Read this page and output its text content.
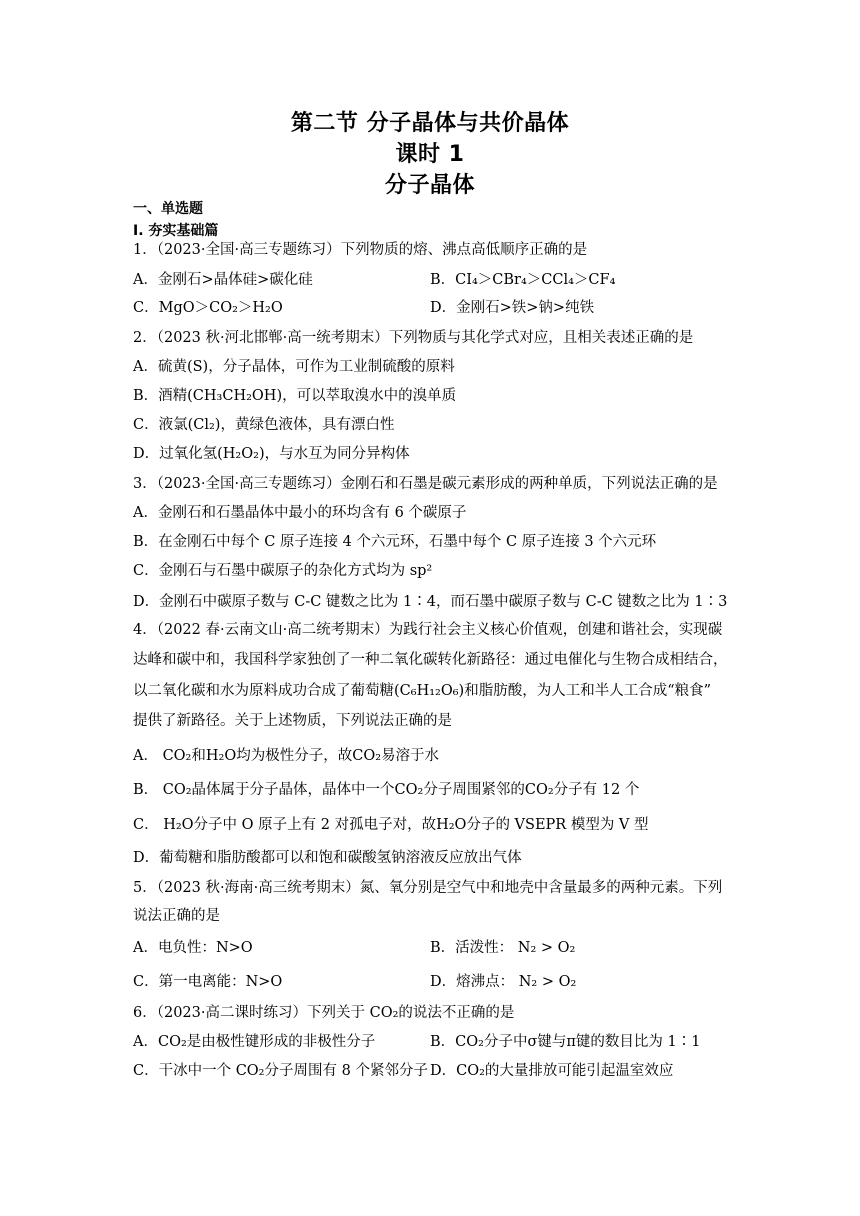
第二节 分子晶体与共价晶体
课时 1
分子晶体
一、单选题
Ⅰ. 夯实基础篇
1．（2023·全国·高三专题练习）下列物质的熔、沸点高低顺序正确的是
A．金刚石>晶体硅>碳化硅	B．CI₄＞CBr₄＞CCl₄＞CF₄
C．MgO＞CO₂＞H₂O	D．金刚石>铁>钠>纯铁
2．（2023 秋·河北邯郸·高一统考期末）下列物质与其化学式对应，且相关表述正确的是
A．硫黄(S)，分子晶体，可作为工业制硫酸的原料
B．酒精(CH₃CH₂OH)，可以萃取溴水中的溴单质
C．液氯(Cl₂)，黄绿色液体，具有漂白性
D．过氧化氢(H₂O₂)，与水互为同分异构体
3．（2023·全国·高三专题练习）金刚石和石墨是碳元素形成的两种单质，下列说法正确的是
A．金刚石和石墨晶体中最小的环均含有 6 个碳原子
B．在金刚石中每个 C 原子连接 4 个六元环，石墨中每个 C 原子连接 3 个六元环
C．金刚石与石墨中碳原子的杂化方式均为 sp²
D．金刚石中碳原子数与 C-C 键数之比为 1∶4，而石墨中碳原子数与 C-C 键数之比为 1∶3
4．（2022 春·云南文山·高二统考期末）为践行社会主义核心价值观，创建和谐社会，实现碳
达峰和碳中和，我国科学家独创了一种二氧化碳转化新路径：通过电催化与生物合成相结合，
以二氧化碳和水为原料成功合成了葡萄糖(C₆H₁₂O₆)和脂肪酸，为人工和半人工合成“粮食”
提供了新路径。关于上述物质，下列说法正确的是
A． CO₂和H₂O均为极性分子，故CO₂易溶于水
B． CO₂晶体属于分子晶体，晶体中一个CO₂分子周围紧邻的CO₂分子有 12 个
C． H₂O分子中 O 原子上有 2 对孤电子对，故H₂O分子的 VSEPR 模型为 V 型
D．葡萄糖和脂肪酸都可以和饱和碳酸氢钠溶液反应放出气体
5．（2023 秋·海南·高三统考期末）氮、氧分别是空气中和地壳中含量最多的两种元素。下列
说法正确的是
A．电负性：N>O	B．活泼性： N₂ > O₂
C．第一电离能：N>O	D．熔沸点： N₂ > O₂
6．（2023·高二课时练习）下列关于 CO₂的说法不正确的是
A．CO₂是由极性键形成的非极性分子	B．CO₂分子中σ键与π键的数目比为 1∶1
C．干冰中一个 CO₂分子周围有 8 个紧邻分子 D．CO₂的大量排放可能引起温室效应
